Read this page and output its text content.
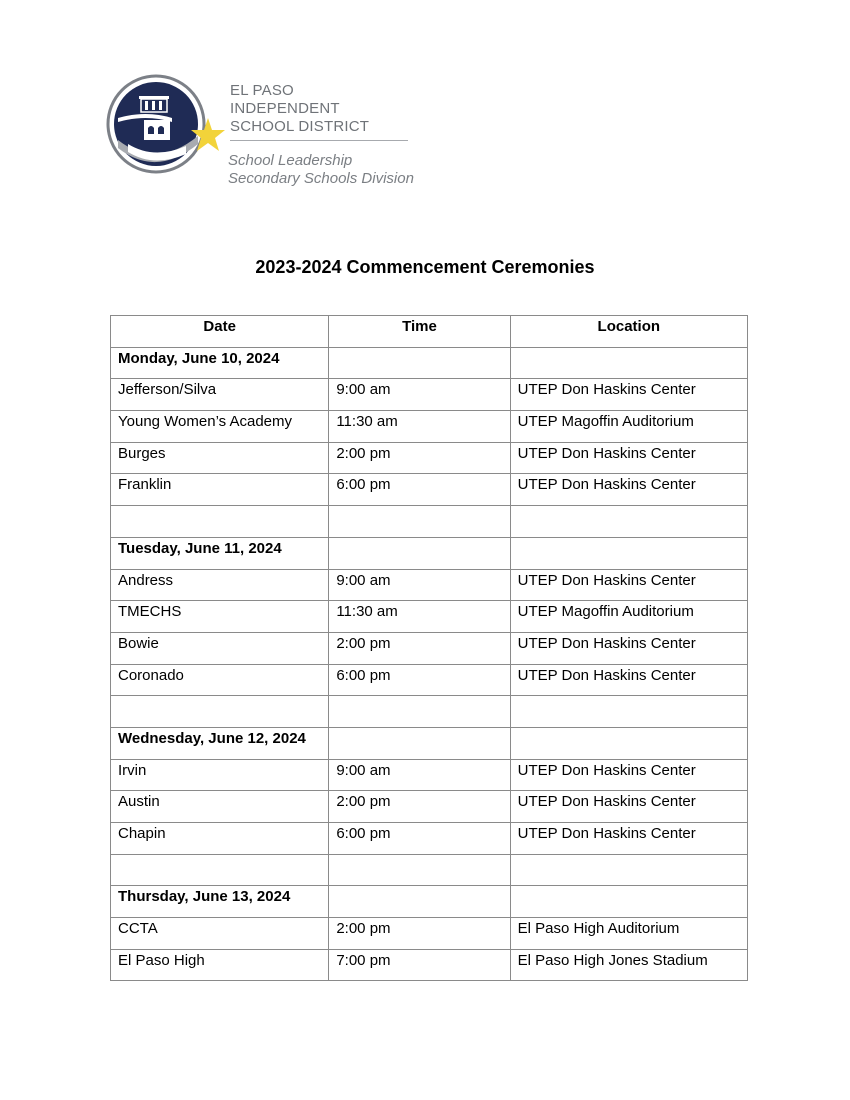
EL PASO
INDEPENDENT
SCHOOL DISTRICT
School Leadership
Secondary Schools Division
2023-2024 Commencement Ceremonies
Date	Time	Location
Monday, June 10, 2024		
Jefferson/Silva	9:00 am	UTEP Don Haskins Center
Young Women’s Academy	11:30 am	UTEP Magoffin Auditorium
Burges	2:00 pm	UTEP Don Haskins Center
Franklin	6:00 pm	UTEP Don Haskins Center

Tuesday, June 11, 2024		
Andress	9:00 am	UTEP Don Haskins Center
TMECHS	11:30 am	UTEP Magoffin Auditorium
Bowie	2:00 pm	UTEP Don Haskins Center
Coronado	6:00 pm	UTEP Don Haskins Center

Wednesday, June 12, 2024		
Irvin	9:00 am	UTEP Don Haskins Center
Austin	2:00 pm	UTEP Don Haskins Center
Chapin	6:00 pm	UTEP Don Haskins Center

Thursday, June 13, 2024		
CCTA	2:00 pm	El Paso High Auditorium
El Paso High	7:00 pm	El Paso High Jones Stadium
